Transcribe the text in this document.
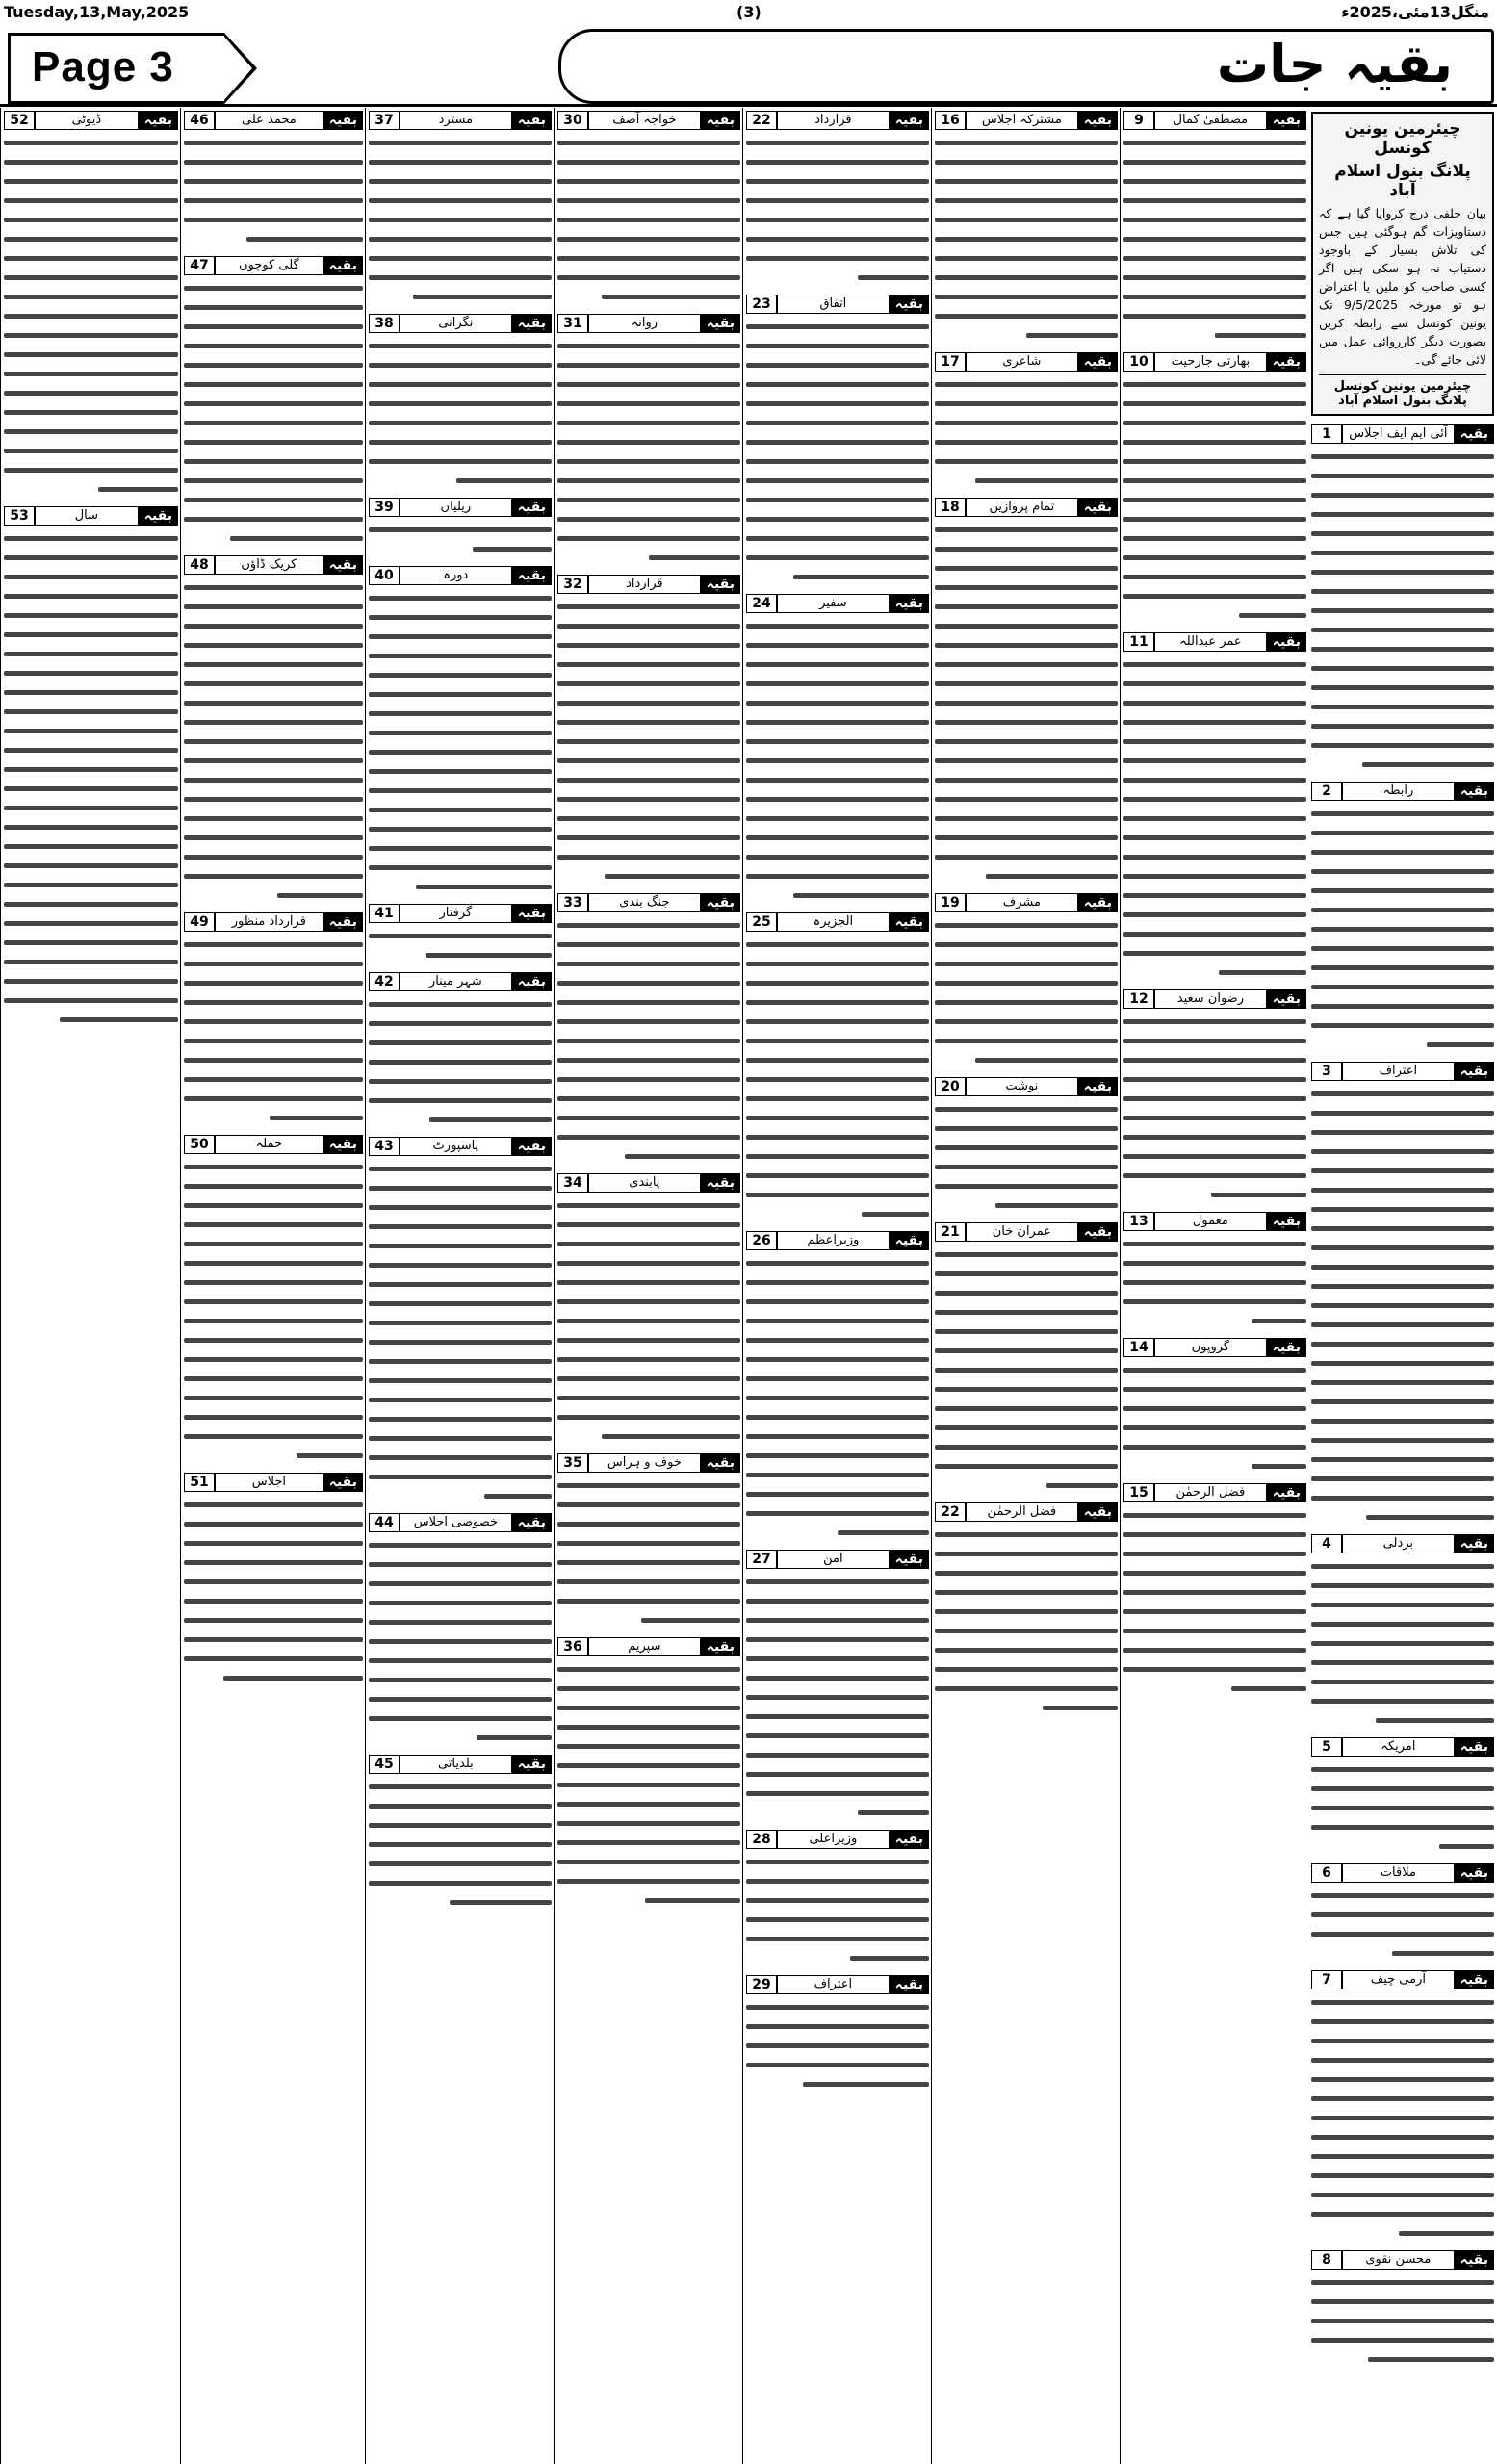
Tuesday,13,May,2025	(3)	منگل13مئی،2025ء
Page 3	بقیہ جات
چیئرمین یونین کونسل
پلانگ بنول اسلام آباد

بیان حلفی درج کروایا گیا ہے کہ دستاویزات گم ہوگئی ہیں جس کی تلاش بسیار کے باوجود دستیاب نہ ہو سکی ہیں اگر کسی صاحب کو ملیں یا اعتراض ہو تو مورخہ 9/5/2025 تک یونین کونسل سے رابطہ کریں بصورت دیگر کارروائی عمل میں لائی جائے گی۔

چیئرمین یونین کونسل پلانگ بنول اسلام آباد
بقیہ
آئی ایم ایف اجلاس
1
بقیہ
رابطہ
2
بقیہ
اعتراف
3
بقیہ
بزدلی
4
بقیہ
امریکہ
5
بقیہ
ملاقات
6
بقیہ
آرمی چیف
7
بقیہ
محسن نقوی
8
بقیہ
مصطفیٰ کمال
9
بقیہ
بھارتی جارحیت
10
بقیہ
عمر عبداللہ
11
بقیہ
رضوان سعید
12
بقیہ
معمول
13
بقیہ
گروپوں
14
بقیہ
فضل الرحمٰن
15
بقیہ
مشترکہ اجلاس
16
بقیہ
شاعری
17
بقیہ
تمام پروازیں
18
بقیہ
مشرف
19
بقیہ
نوشت
20
بقیہ
عمران خان
21
بقیہ
فضل الرحمٰن
22
بقیہ
قرارداد
22
بقیہ
اتفاق
23
بقیہ
سفیر
24
بقیہ
الجزیرہ
25
بقیہ
وزیراعظم
26
بقیہ
امن
27
بقیہ
وزیراعلیٰ
28
بقیہ
اعتراف
29
بقیہ
خواجہ آصف
30
بقیہ
روانہ
31
بقیہ
قرارداد
32
بقیہ
جنگ بندی
33
بقیہ
پابندی
34
بقیہ
خوف و ہراس
35
بقیہ
سپریم
36
بقیہ
مسترد
37
بقیہ
نگرانی
38
بقیہ
ریلیاں
39
بقیہ
دورہ
40
بقیہ
گرفتار
41
بقیہ
شہر مینار
42
بقیہ
پاسپورٹ
43
بقیہ
خصوصی اجلاس
44
بقیہ
بلدیاتی
45
بقیہ
محمد علی
46
بقیہ
گلی کوچوں
47
بقیہ
کریک ڈاؤن
48
بقیہ
قرارداد منظور
49
بقیہ
حملہ
50
بقیہ
اجلاس
51
بقیہ
ڈیوٹی
52
بقیہ
سال
53
